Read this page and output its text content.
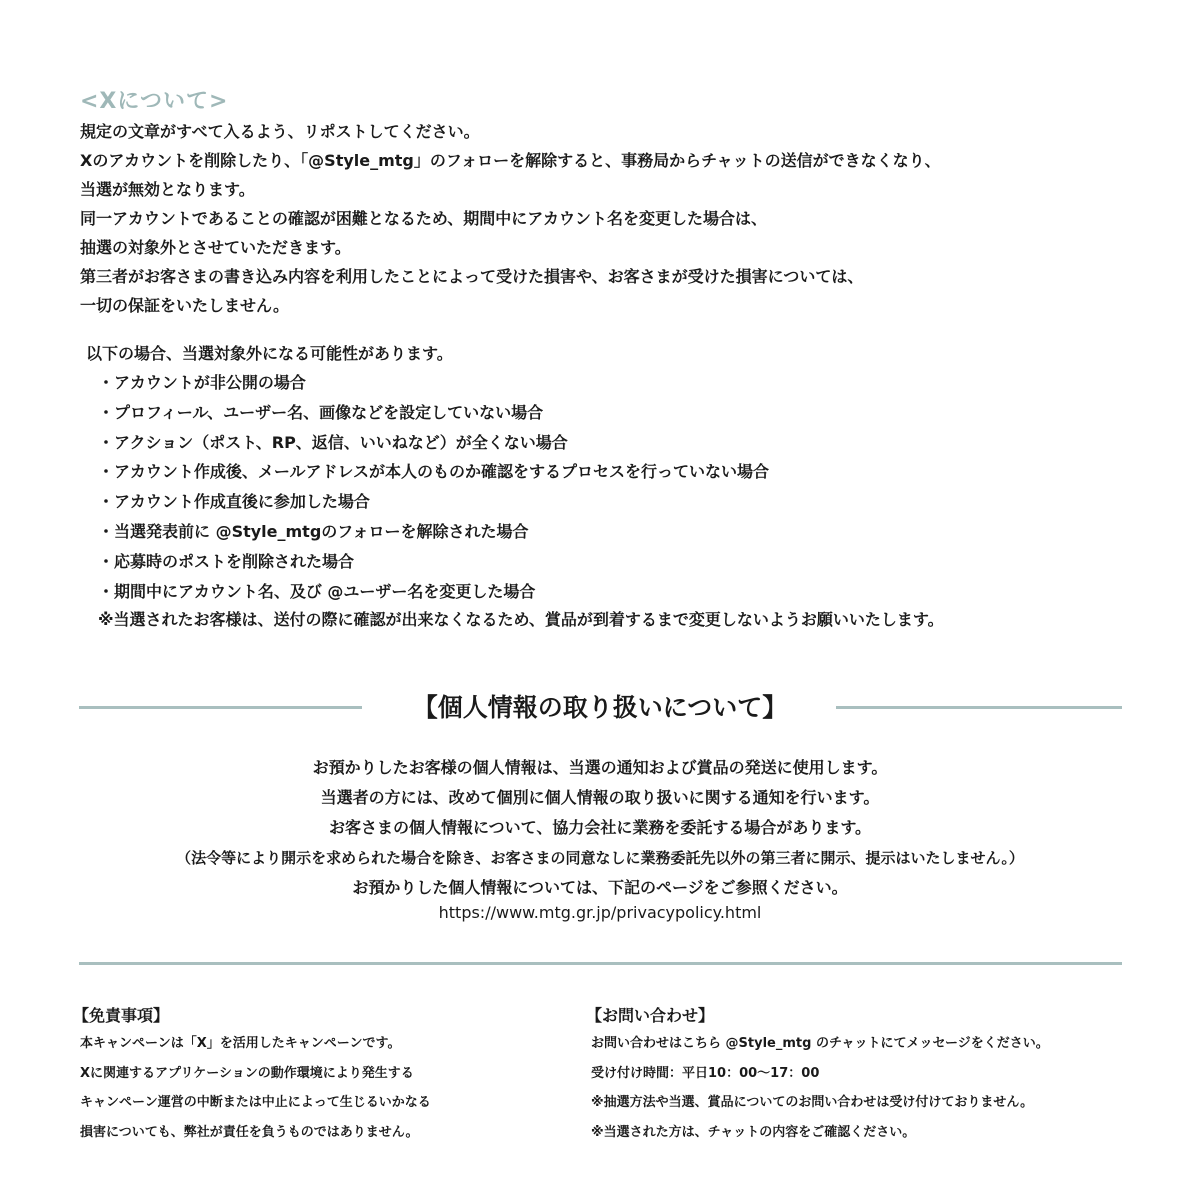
<Xについて>
規定の文章がすべて入るよう、リポストしてください。
Xのアカウントを削除したり、「@Style_mtg」のフォローを解除すると、事務局からチャットの送信ができなくなり、
当選が無効となります。
同一アカウントであることの確認が困難となるため、期間中にアカウント名を変更した場合は、
抽選の対象外とさせていただきます。
第三者がお客さまの書き込み内容を利用したことによって受けた損害や、お客さまが受けた損害については、
一切の保証をいたしません。
以下の場合、当選対象外になる可能性があります。
・アカウントが非公開の場合
・プロフィール、ユーザー名、画像などを設定していない場合
・アクション（ポスト、RP、返信、いいねなど）が全くない場合
・アカウント作成後、メールアドレスが本人のものか確認をするプロセスを行っていない場合
・アカウント作成直後に参加した場合
・当選発表前に @Style_mtgのフォローを解除された場合
・応募時のポストを削除された場合
・期間中にアカウント名、及び @ユーザー名を変更した場合
※当選されたお客様は、送付の際に確認が出来なくなるため、賞品が到着するまで変更しないようお願いいたします。
【個人情報の取り扱いについて】
お預かりしたお客様の個人情報は、当選の通知および賞品の発送に使用します。
当選者の方には、改めて個別に個人情報の取り扱いに関する通知を行います。
お客さまの個人情報について、協力会社に業務を委託する場合があります。
（法令等により開示を求められた場合を除き、お客さまの同意なしに業務委託先以外の第三者に開示、提示はいたしません。）
お預かりした個人情報については、下記のページをご参照ください。
https://www.mtg.gr.jp/privacypolicy.html
【免責事項】
本キャンペーンは「X」を活用したキャンペーンです。
Xに関連するアプリケーションの動作環境により発生する
キャンペーン運営の中断または中止によって生じるいかなる
損害についても、弊社が責任を負うものではありません。
【お問い合わせ】
お問い合わせはこちら @Style_mtg のチャットにてメッセージをください。
受け付け時間：平日10：00～17：00
※抽選方法や当選、賞品についてのお問い合わせは受け付けておりません。
※当選された方は、チャットの内容をご確認ください。
